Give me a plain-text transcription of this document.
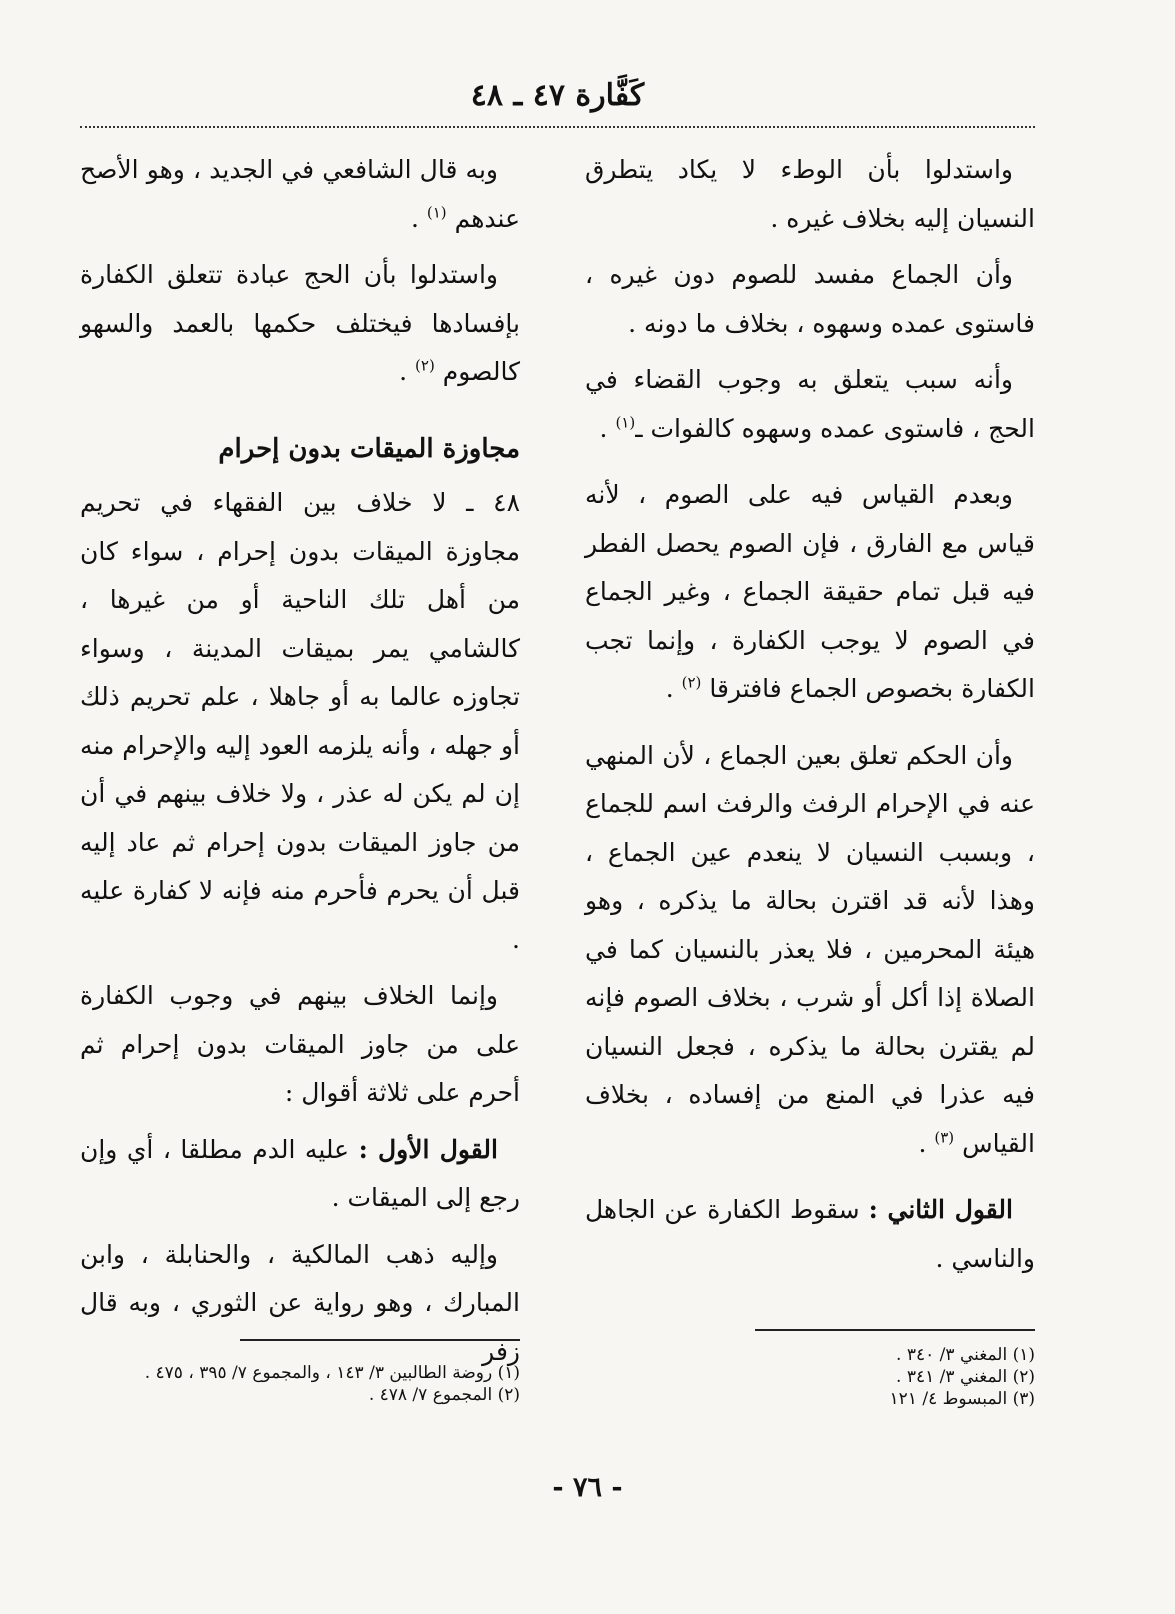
كَفَّارة ٤٧ ـ ٤٨

واستدلوا بأن الوطء لا يكاد يتطرق النسيان إليه بخلاف غيره .

وأن الجماع مفسد للصوم دون غيره ، فاستوى عمده وسهوه ، بخلاف ما دونه .

وأنه سبب يتعلق به وجوب القضاء في الحج ، فاستوى عمده وسهوه كالفوات ـ$^{(١)}$ .

وبعدم القياس فيه على الصوم ، لأنه قياس مع الفارق ، فإن الصوم يحصل الفطر فيه قبل تمام حقيقة الجماع ، وغير الجماع في الصوم لا يوجب الكفارة ، وإنما تجب الكفارة بخصوص الجماع فافترقا $^{(٢)}$ .

وأن الحكم تعلق بعين الجماع ، لأن المنهي عنه في الإحرام الرفث والرفث اسم للجماع ، وبسبب النسيان لا ينعدم عين الجماع ، وهذا لأنه قد اقترن بحالة ما يذكره ، وهو هيئة المحرمين ، فلا يعذر بالنسيان كما في الصلاة إذا أكل أو شرب ، بخلاف الصوم فإنه لم يقترن بحالة ما يذكره ، فجعل النسيان فيه عذرا في المنع من إفساده ، بخلاف القياس $^{(٣)}$ .

القول الثاني : سقوط الكفارة عن الجاهل والناسي .

وبه قال الشافعي في الجديد ، وهو الأصح عندهم $^{(١)}$ .

واستدلوا بأن الحج عبادة تتعلق الكفارة بإفسادها فيختلف حكمها بالعمد والسهو كالصوم $^{(٢)}$ .

مجاوزة الميقات بدون إحرام

٤٨ ـ لا خلاف بين الفقهاء في تحريم مجاوزة الميقات بدون إحرام ، سواء كان من أهل تلك الناحية أو من غيرها ، كالشامي يمر بميقات المدينة ، وسواء تجاوزه عالما به أو جاهلا ، علم تحريم ذلك أو جهله ، وأنه يلزمه العود إليه والإحرام منه إن لم يكن له عذر ، ولا خلاف بينهم في أن من جاوز الميقات بدون إحرام ثم عاد إليه قبل أن يحرم فأحرم منه فإنه لا كفارة عليه .

وإنما الخلاف بينهم في وجوب الكفارة على من جاوز الميقات بدون إحرام ثم أحرم على ثلاثة أقوال :

القول الأول : عليه الدم مطلقا ، أي وإن رجع إلى الميقات .

وإليه ذهب المالكية ، والحنابلة ، وابن المبارك ، وهو رواية عن الثوري ، وبه قال زفر	(١) المغني ٣/ ٣٤٠ .
(٢) المغني ٣/ ٣٤١ .
(٣) المبسوط ٤/ ١٢١
(١) روضة الطالبين ٣/ ١٤٣ ، والمجموع ٧/ ٣٩٥ ، ٤٧٥ .
(٢) المجموع ٧/ ٤٧٨ .
- ٧٦ -
